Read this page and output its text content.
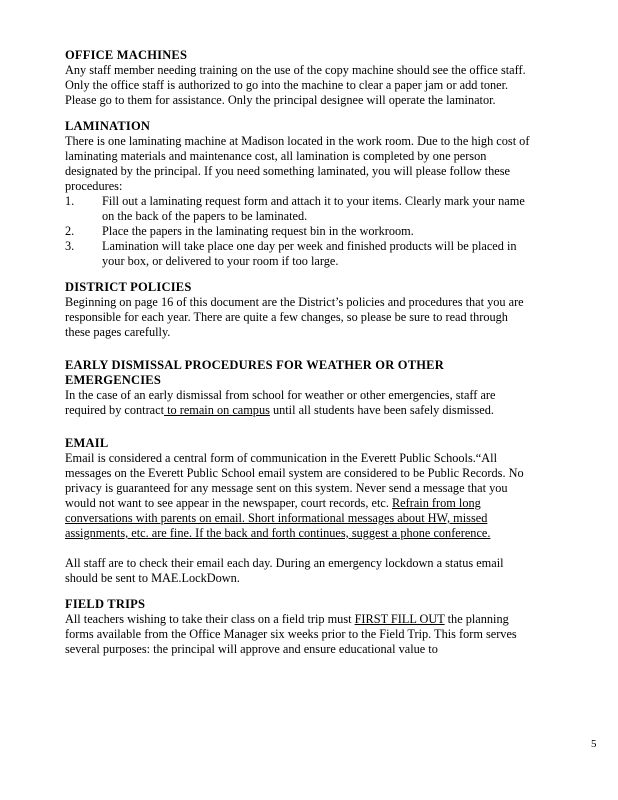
OFFICE MACHINES

Any staff member needing training on the use of the copy machine should see the office staff. Only the office staff is authorized to go into the machine to clear a paper jam or add toner. Please go to them for assistance. Only the principal designee will operate the laminator.

LAMINATION

There is one laminating machine at Madison located in the work room. Due to the high cost of laminating materials and maintenance cost, all lamination is completed by one person designated by the principal. If you need something laminated, you will please follow these procedures:

1.	Fill out a laminating request form and attach it to your items. Clearly mark your name on the back of the papers to be laminated.
2.	Place the papers in the laminating request bin in the workroom.
3.	Lamination will take place one day per week and finished products will be placed in your box, or delivered to your room if too large.
DISTRICT POLICIES

Beginning on page 16 of this document are the District’s policies and procedures that you are responsible for each year. There are quite a few changes, so please be sure to read through these pages carefully.

EARLY DISMISSAL PROCEDURES FOR WEATHER OR OTHER EMERGENCIES

In the case of an early dismissal from school for weather or other emergencies, staff are required by contract to remain on campus until all students have been safely dismissed.

EMAIL

Email is considered a central form of communication in the Everett Public Schools.“All messages on the Everett Public School email system are considered to be Public Records. No privacy is guaranteed for any message sent on this system. Never send a message that you would not want to see appear in the newspaper, court records, etc. Refrain from long conversations with parents on email. Short informational messages about HW, missed assignments, etc. are fine. If the back and forth continues, suggest a phone conference.

All staff are to check their email each day. During an emergency lockdown a status email should be sent to MAE.LockDown.

FIELD TRIPS

All teachers wishing to take their class on a field trip must FIRST FILL OUT the planning forms available from the Office Manager six weeks prior to the Field Trip. This form serves several purposes: the principal will approve and ensure educational value to

5
